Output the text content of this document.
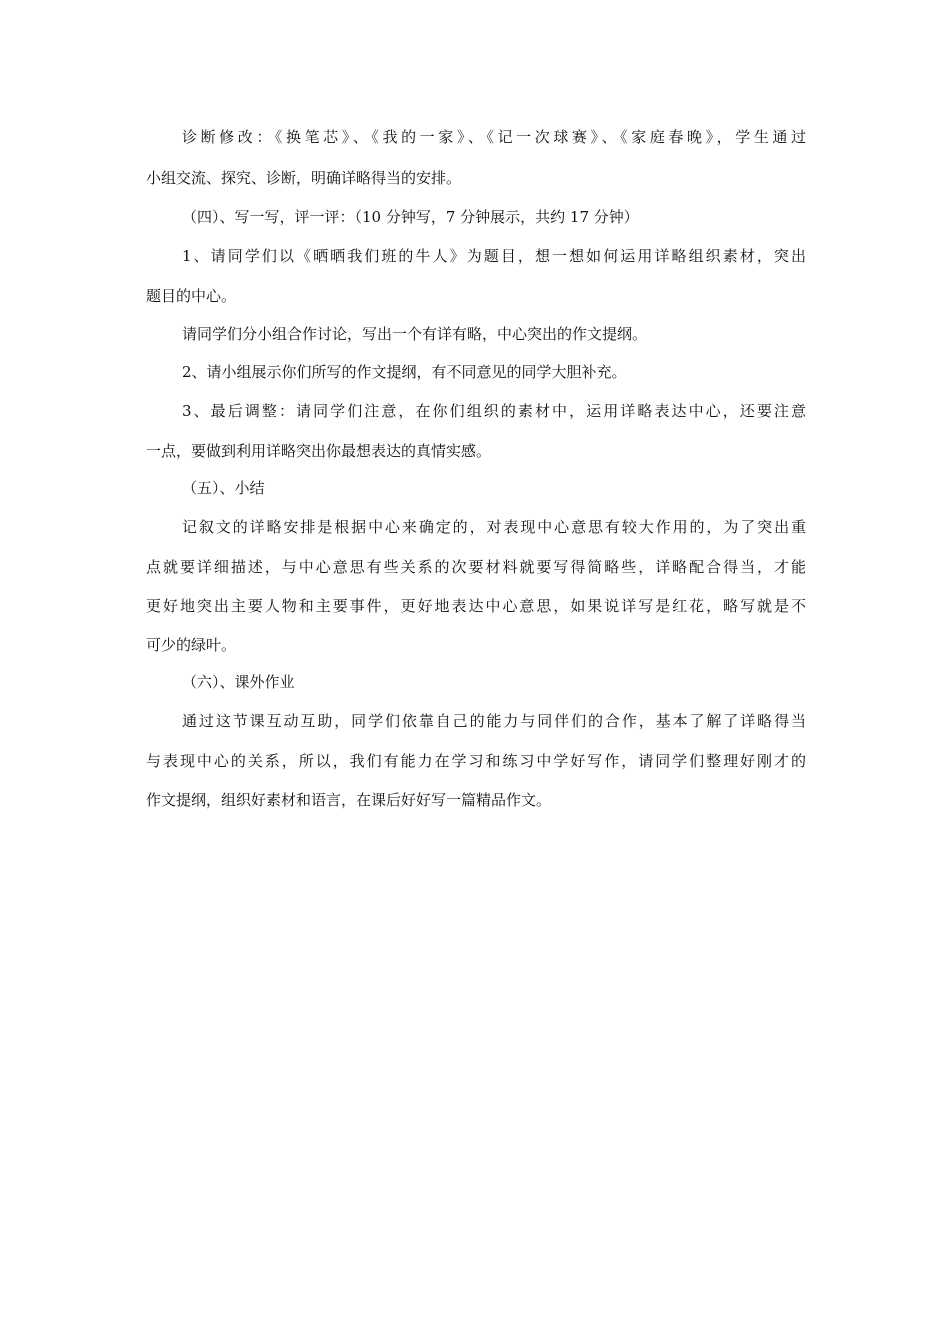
诊断修改：《换笔芯》、《我的一家》、《记一次球赛》、《家庭春晚》，学生通过
小组交流、探究、诊断，明确详略得当的安排。
（四）、写一写，评一评：（10 分钟写，7 分钟展示，共约 17 分钟）
1、请同学们以《晒晒我们班的牛人》为题目，想一想如何运用详略组织素材，突出
题目的中心。
请同学们分小组合作讨论，写出一个有详有略，中心突出的作文提纲。
2、请小组展示你们所写的作文提纲，有不同意见的同学大胆补充。
3、最后调整：请同学们注意，在你们组织的素材中，运用详略表达中心，还要注意
一点，要做到利用详略突出你最想表达的真情实感。
（五）、小结
记叙文的详略安排是根据中心来确定的，对表现中心意思有较大作用的，为了突出重
点就要详细描述，与中心意思有些关系的次要材料就要写得简略些，详略配合得当，才能
更好地突出主要人物和主要事件，更好地表达中心意思，如果说详写是红花，略写就是不
可少的绿叶。
（六）、课外作业
通过这节课互动互助，同学们依靠自己的能力与同伴们的合作，基本了解了详略得当
与表现中心的关系，所以，我们有能力在学习和练习中学好写作，请同学们整理好刚才的
作文提纲，组织好素材和语言，在课后好好写一篇精品作文。
